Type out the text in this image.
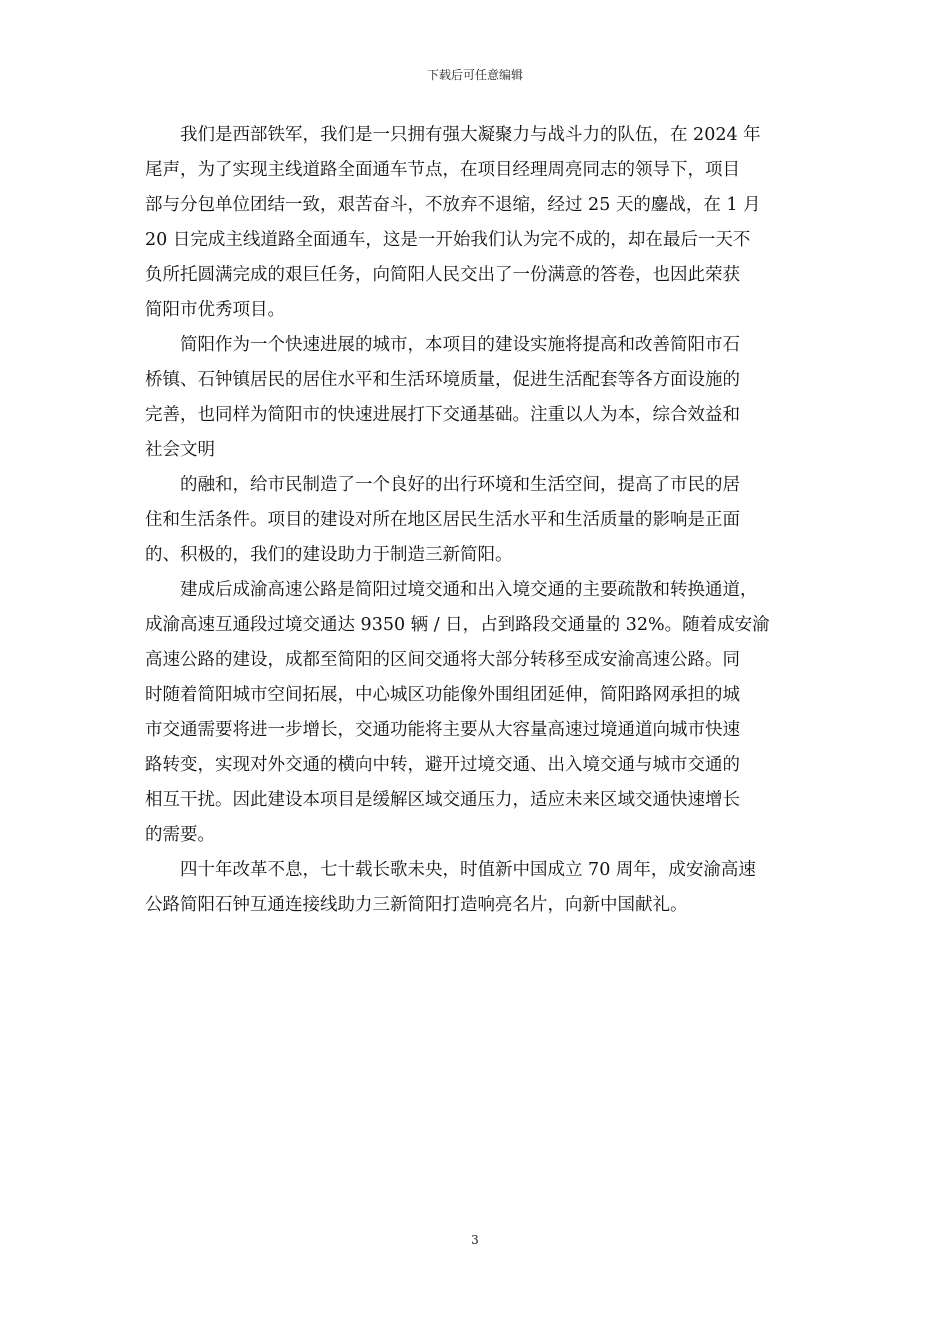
下载后可任意编辑

我们是西部铁军，我们是一只拥有强大凝聚力与战斗力的队伍，在 2024 年

尾声，为了实现主线道路全面通车节点，在项目经理周亮同志的领导下，项目

部与分包单位团结一致，艰苦奋斗，不放弃不退缩，经过 25 天的鏖战，在 1 月

20 日完成主线道路全面通车，这是一开始我们认为完不成的，却在最后一天不

负所托圆满完成的艰巨任务，向简阳人民交出了一份满意的答卷，也因此荣获

简阳市优秀项目。

简阳作为一个快速进展的城市，本项目的建设实施将提高和改善简阳市石

桥镇、石钟镇居民的居住水平和生活环境质量，促进生活配套等各方面设施的

完善，也同样为简阳市的快速进展打下交通基础。注重以人为本，综合效益和

社会文明

的融和，给市民制造了一个良好的出行环境和生活空间，提高了市民的居

住和生活条件。项目的建设对所在地区居民生活水平和生活质量的影响是正面

的、积极的，我们的建设助力于制造三新简阳。

建成后成渝高速公路是简阳过境交通和出入境交通的主要疏散和转换通道，

成渝高速互通段过境交通达 9350 辆 / 日，占到路段交通量的 32%。随着成安渝

高速公路的建设，成都至简阳的区间交通将大部分转移至成安渝高速公路。同

时随着简阳城市空间拓展，中心城区功能像外围组团延伸，简阳路网承担的城

市交通需要将进一步增长，交通功能将主要从大容量高速过境通道向城市快速

路转变，实现对外交通的横向中转，避开过境交通、出入境交通与城市交通的

相互干扰。因此建设本项目是缓解区域交通压力，适应未来区域交通快速增长

的需要。

四十年改革不息，七十载长歌未央，时值新中国成立 70 周年，成安渝高速

公路简阳石钟互通连接线助力三新简阳打造响亮名片，向新中国献礼。

3
